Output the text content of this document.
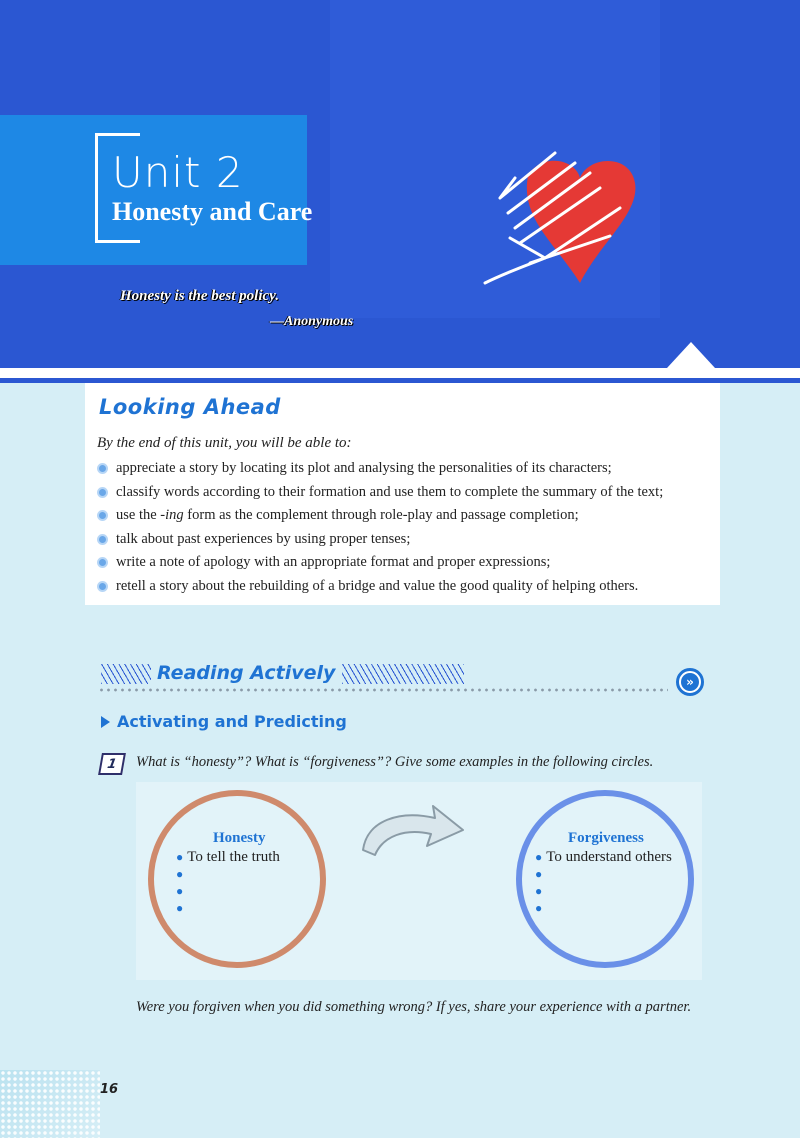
Unit 2
Honesty and Care
Honesty is the best policy.
—Anonymous
Looking Ahead
By the end of this unit, you will be able to:
appreciate a story by locating its plot and analysing the personalities of its characters;
classify words according to their formation and use them to complete the summary of the text;
use the -ing form as the complement through role-play and passage completion;
talk about past experiences by using proper tenses;
write a note of apology with an appropriate format and proper expressions;
retell a story about the rebuilding of a bridge and value the good quality of helping others.
Reading Actively	»
Activating and Predicting
1 What is “honesty”? What is “forgiveness”? Give some examples in the following circles.
Honesty
● To tell the truth
●
●
●
Forgiveness
● To understand others
●
●
●
Were you forgiven when you did something wrong? If yes, share your experience with a partner.
16
